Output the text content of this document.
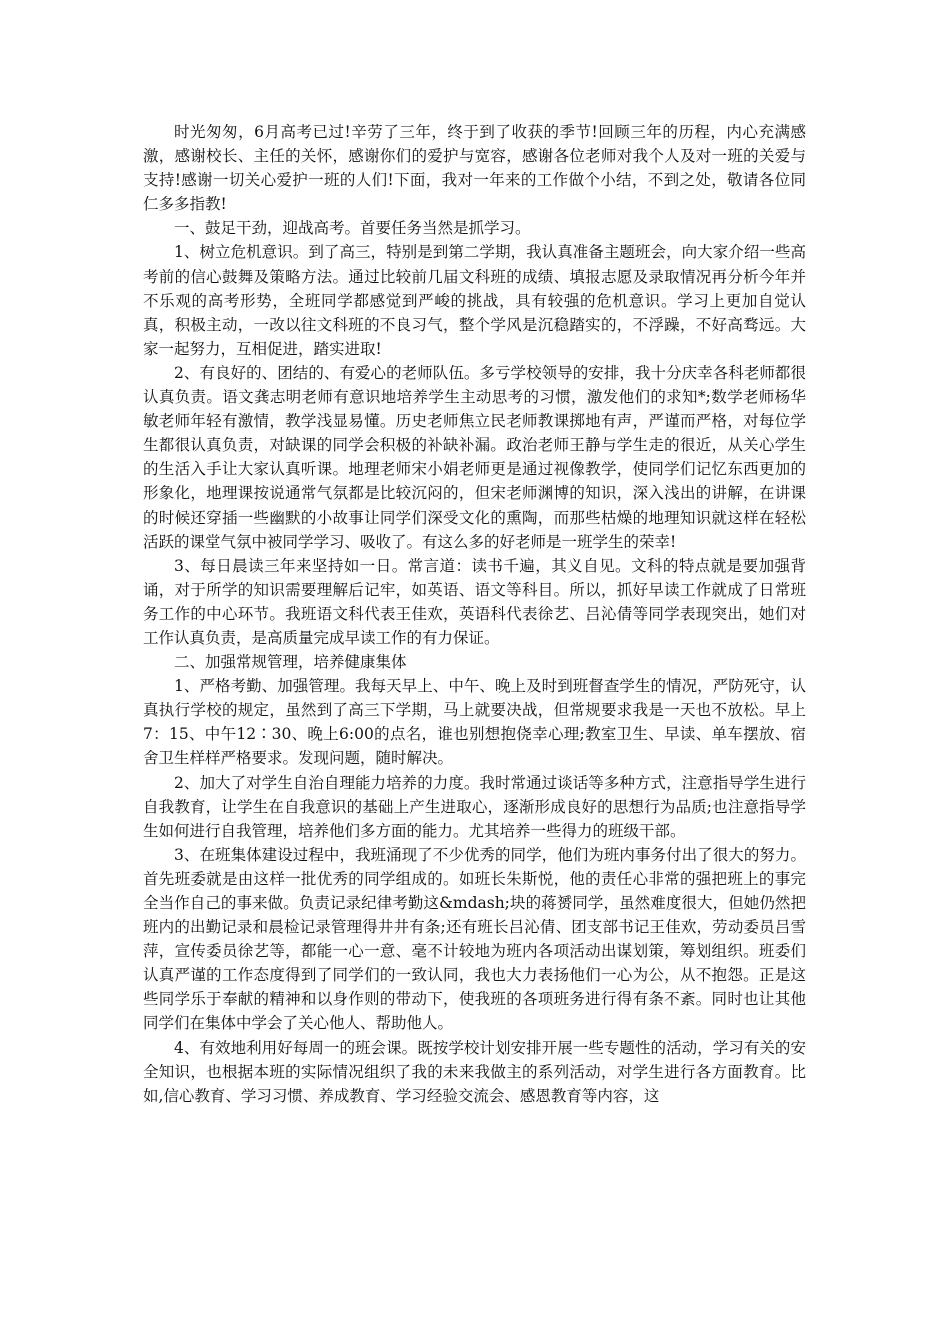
时光匆匆，6月高考已过!辛劳了三年，终于到了收获的季节!回顾三年的历程，内心充满感激，感谢校长、主任的关怀，感谢你们的爱护与宽容，感谢各位老师对我个人及对一班的关爱与支持!感谢一切关心爱护一班的人们!下面，我对一年来的工作做个小结，不到之处，敬请各位同仁多多指教!

一、鼓足干劲，迎战高考。首要任务当然是抓学习。

1、树立危机意识。到了高三，特别是到第二学期，我认真准备主题班会，向大家介绍一些高考前的信心鼓舞及策略方法。通过比较前几届文科班的成绩、填报志愿及录取情况再分析今年并不乐观的高考形势，全班同学都感觉到严峻的挑战，具有较强的危机意识。学习上更加自觉认真，积极主动，一改以往文科班的不良习气，整个学风是沉稳踏实的，不浮躁，不好高骛远。大家一起努力，互相促进，踏实进取!

2、有良好的、团结的、有爱心的老师队伍。多亏学校领导的安排，我十分庆幸各科老师都很认真负责。语文龚志明老师有意识地培养学生主动思考的习惯，激发他们的求知*;数学老师杨华敏老师年轻有激情，教学浅显易懂。历史老师焦立民老师教课掷地有声，严谨而严格，对每位学生都很认真负责，对缺课的同学会积极的补缺补漏。政治老师王静与学生走的很近，从关心学生的生活入手让大家认真听课。地理老师宋小娟老师更是通过视像教学，使同学们记忆东西更加的形象化，地理课按说通常气氛都是比较沉闷的，但宋老师渊博的知识，深入浅出的讲解，在讲课的时候还穿插一些幽默的小故事让同学们深受文化的熏陶，而那些枯燥的地理知识就这样在轻松活跃的课堂气氛中被同学学习、吸收了。有这么多的好老师是一班学生的荣幸!

3、每日晨读三年来坚持如一日。常言道：读书千遍，其义自见。文科的特点就是要加强背诵，对于所学的知识需要理解后记牢，如英语、语文等科目。所以，抓好早读工作就成了日常班务工作的中心环节。我班语文科代表王佳欢，英语科代表徐艺、吕沁倩等同学表现突出，她们对工作认真负责，是高质量完成早读工作的有力保证。

二、加强常规管理，培养健康集体

1、严格考勤、加强管理。我每天早上、中午、晚上及时到班督查学生的情况，严防死守，认真执行学校的规定，虽然到了高三下学期，马上就要决战，但常规要求我是一天也不放松。早上7：15、中午12∶30、晚上6:00的点名，谁也别想抱侥幸心理;教室卫生、早读、单车摆放、宿舍卫生样样严格要求。发现问题，随时解决。

2、加大了对学生自治自理能力培养的力度。我时常通过谈话等多种方式，注意指导学生进行自我教育，让学生在自我意识的基础上产生进取心，逐渐形成良好的思想行为品质;也注意指导学生如何进行自我管理，培养他们多方面的能力。尤其培养一些得力的班级干部。

3、在班集体建设过程中，我班涌现了不少优秀的同学，他们为班内事务付出了很大的努力。首先班委就是由这样一批优秀的同学组成的。如班长朱斯悦，他的责任心非常的强把班上的事完全当作自己的事来做。负责记录纪律考勤这&mdash;块的蒋赟同学，虽然难度很大，但她仍然把班内的出勤记录和晨检记录管理得井井有条;还有班长吕沁倩、团支部书记王佳欢，劳动委员吕雪萍，宣传委员徐艺等，都能一心一意、毫不计较地为班内各项活动出谋划策，筹划组织。班委们认真严谨的工作态度得到了同学们的一致认同，我也大力表扬他们一心为公，从不抱怨。正是这些同学乐于奉献的精神和以身作则的带动下，使我班的各项班务进行得有条不紊。同时也让其他同学们在集体中学会了关心他人、帮助他人。

4、有效地利用好每周一的班会课。既按学校计划安排开展一些专题性的活动，学习有关的安全知识，也根据本班的实际情况组织了我的未来我做主的系列活动，对学生进行各方面教育。比如,信心教育、学习习惯、养成教育、学习经验交流会、感恩教育等内容，这
